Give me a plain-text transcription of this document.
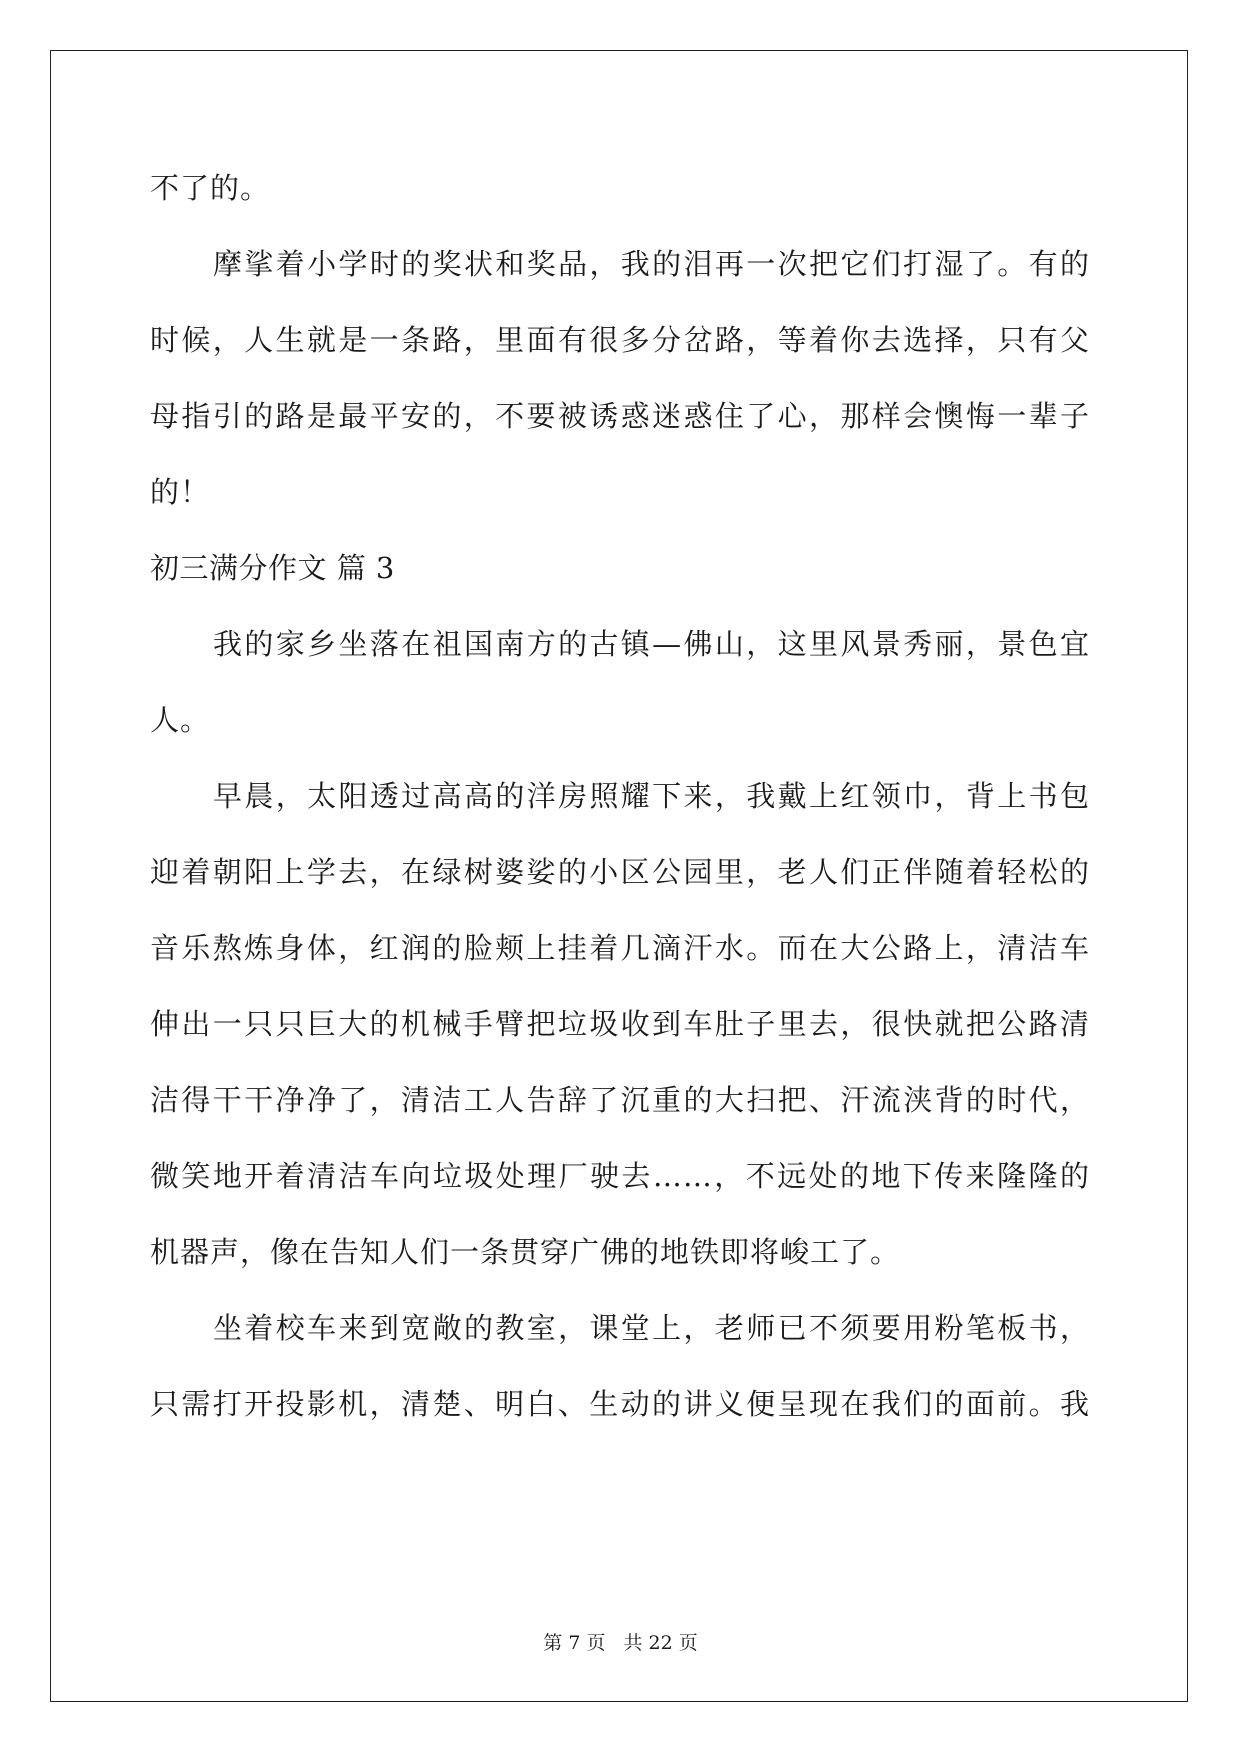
不了的。
摩挲着小学时的奖状和奖品，我的泪再一次把它们打湿了。有的
时候，人生就是一条路，里面有很多分岔路，等着你去选择，只有父
母指引的路是最平安的，不要被诱惑迷惑住了心，那样会懊悔一辈子
的！
初三满分作文 篇 3
我的家乡坐落在祖国南方的古镇—佛山，这里风景秀丽，景色宜
人。
早晨，太阳透过高高的洋房照耀下来，我戴上红领巾，背上书包
迎着朝阳上学去，在绿树婆娑的小区公园里，老人们正伴随着轻松的
音乐熬炼身体，红润的脸颊上挂着几滴汗水。而在大公路上，清洁车
伸出一只只巨大的机械手臂把垃圾收到车肚子里去，很快就把公路清
洁得干干净净了，清洁工人告辞了沉重的大扫把、汗流浃背的时代，
微笑地开着清洁车向垃圾处理厂驶去……，不远处的地下传来隆隆的
机器声，像在告知人们一条贯穿广佛的地铁即将峻工了。
坐着校车来到宽敞的教室，课堂上，老师已不须要用粉笔板书，
只需打开投影机，清楚、明白、生动的讲义便呈现在我们的面前。我
第 7 页 共 22 页
